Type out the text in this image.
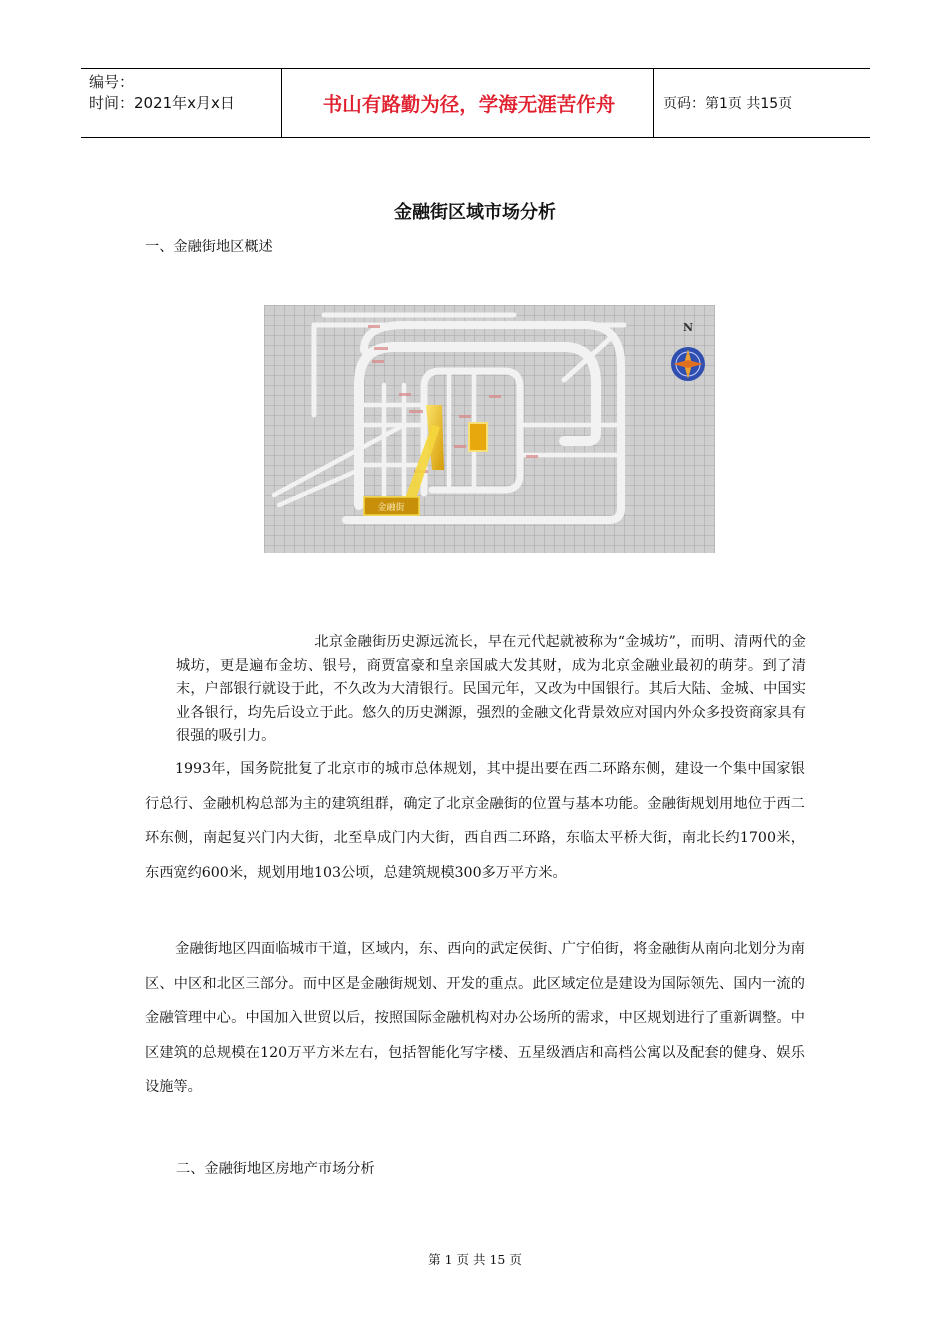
编号：
时间：2021年x月x日	书山有路勤为径，学海无涯苦作舟	页码：第1页 共15页
金融街区域市场分析
一、金融街地区概述
金融街
N
北京金融街历史源远流长，早在元代起就被称为“金城坊”，而明、清两代的金城坊，更是遍布金坊、银号，商贾富豪和皇亲国戚大发其财，成为北京金融业最初的萌芽。到了清末，户部银行就设于此，不久改为大清银行。民国元年，又改为中国银行。其后大陆、金城、中国实业各银行，均先后设立于此。悠久的历史渊源，强烈的金融文化背景效应对国内外众多投资商家具有很强的吸引力。
1993年，国务院批复了北京市的城市总体规划，其中提出要在西二环路东侧，建设一个集中国家银行总行、金融机构总部为主的建筑组群，确定了北京金融街的位置与基本功能。金融街规划用地位于西二环东侧，南起复兴门内大街，北至阜成门内大街，西自西二环路，东临太平桥大街，南北长约1700米，东西宽约600米，规划用地103公顷，总建筑规模300多万平方米。
金融街地区四面临城市干道，区域内，东、西向的武定侯街、广宁伯街，将金融街从南向北划分为南区、中区和北区三部分。而中区是金融街规划、开发的重点。此区域定位是建设为国际领先、国内一流的金融管理中心。中国加入世贸以后，按照国际金融机构对办公场所的需求，中区规划进行了重新调整。中区建筑的总规模在120万平方米左右，包括智能化写字楼、五星级酒店和高档公寓以及配套的健身、娱乐设施等。
二、金融街地区房地产市场分析
第 1 页 共 15 页
